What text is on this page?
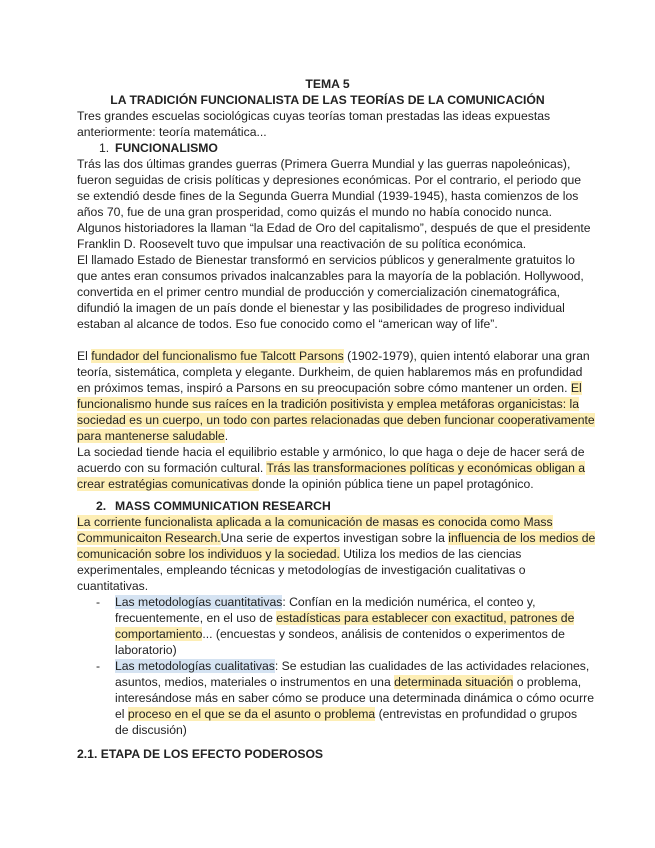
TEMA 5
LA TRADICIÓN FUNCIONALISTA DE LAS TEORÍAS DE LA COMUNICACIÓN
Tres grandes escuelas sociológicas cuyas teorías toman prestadas las ideas expuestas
anteriormente: teoría matemática...
1. FUNCIONALISMO
Trás las dos últimas grandes guerras (Primera Guerra Mundial y las guerras napoleónicas),
fueron seguidas de crisis políticas y depresiones económicas. Por el contrario, el periodo que
se extendió desde fines de la Segunda Guerra Mundial (1939-1945), hasta comienzos de los
años 70, fue de una gran prosperidad, como quizás el mundo no había conocido nunca.
Algunos historiadores la llaman “la Edad de Oro del capitalismo”, después de que el presidente
Franklin D. Roosevelt tuvo que impulsar una reactivación de su política económica.
El llamado Estado de Bienestar transformó en servicios públicos y generalmente gratuitos lo
que antes eran consumos privados inalcanzables para la mayoría de la población. Hollywood,
convertida en el primer centro mundial de producción y comercialización cinematográfica,
difundió la imagen de un país donde el bienestar y las posibilidades de progreso individual
estaban al alcance de todos. Eso fue conocido como el “american way of life”.
El fundador del funcionalismo fue Talcott Parsons (1902-1979), quien intentó elaborar una gran
teoría, sistemática, completa y elegante. Durkheim, de quien hablaremos más en profundidad
en próximos temas, inspiró a Parsons en su preocupación sobre cómo mantener un orden. El
funcionalismo hunde sus raíces en la tradición positivista y emplea metáforas organicistas: la
sociedad es un cuerpo, un todo con partes relacionadas que deben funcionar cooperativamente
para mantenerse saludable.
La sociedad tiende hacia el equilibrio estable y armónico, lo que haga o deje de hacer será de
acuerdo con su formación cultural. Trás las transformaciones políticas y económicas obligan a
crear estratégias comunicativas donde la opinión pública tiene un papel protagónico.
2. MASS COMMUNICATION RESEARCH
La corriente funcionalista aplicada a la comunicación de masas es conocida como Mass
Communicaiton Research.Una serie de expertos investigan sobre la influencia de los medios de
comunicación sobre los individuos y la sociedad. Utiliza los medios de las ciencias
experimentales, empleando técnicas y metodologías de investigación cualitativas o
cuantitativas.
- Las metodologías cuantitativas: Confían en la medición numérica, el conteo y,
frecuentemente, en el uso de estadísticas para establecer con exactitud, patrones de
comportamiento... (encuestas y sondeos, análisis de contenidos o experimentos de
laboratorio)
- Las metodologías cualitativas: Se estudian las cualidades de las actividades relaciones,
asuntos, medios, materiales o instrumentos en una determinada situación o problema,
interesándose más en saber cómo se produce una determinada dinámica o cómo ocurre
el proceso en el que se da el asunto o problema (entrevistas en profundidad o grupos
de discusión)
2.1. ETAPA DE LOS EFECTO PODEROSOS
